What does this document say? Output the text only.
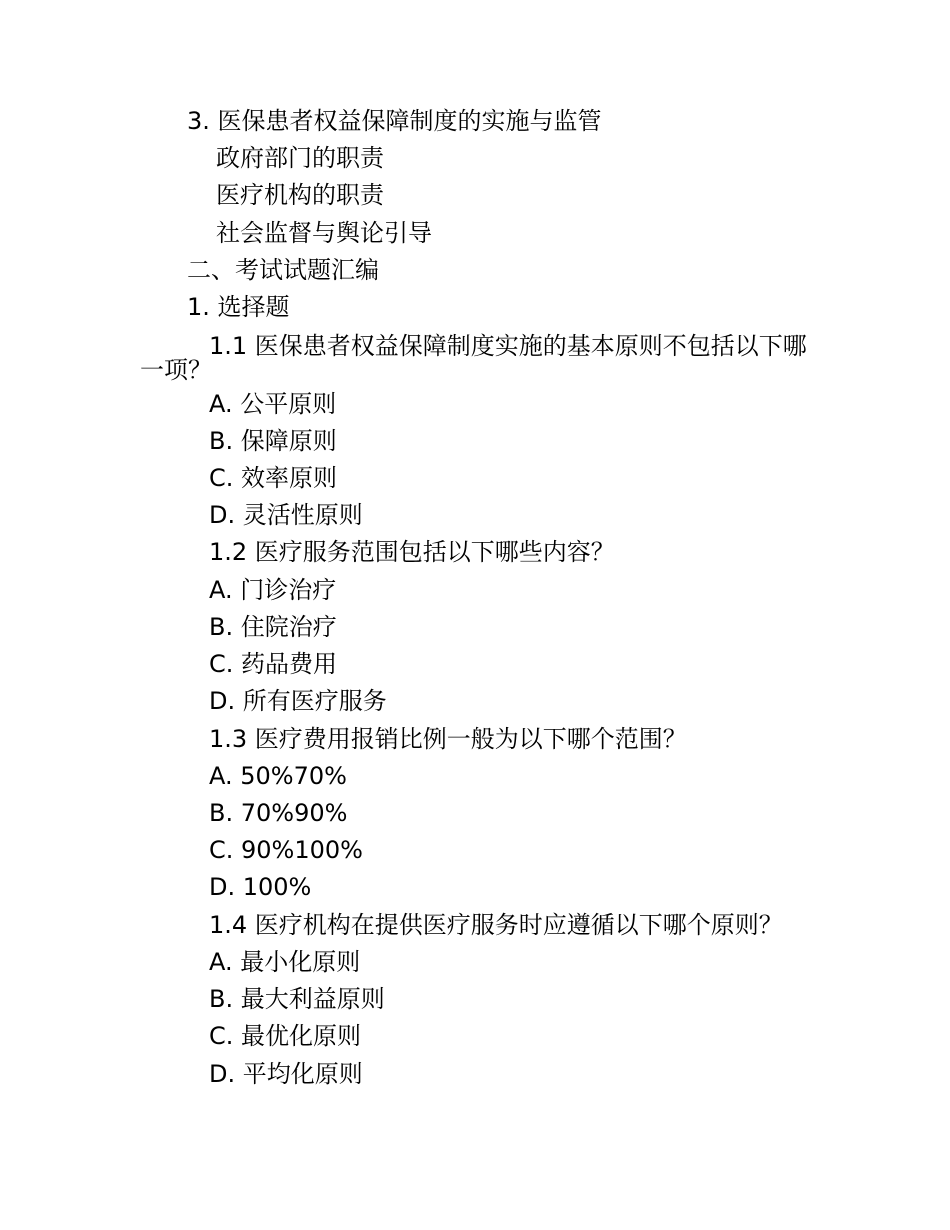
3. 医保患者权益保障制度的实施与监管
政府部门的职责
医疗机构的职责
社会监督与舆论引导
二、考试试题汇编
1. 选择题
1.1 医保患者权益保障制度实施的基本原则不包括以下哪一项？
A. 公平原则
B. 保障原则
C. 效率原则
D. 灵活性原则
1.2 医疗服务范围包括以下哪些内容？
A. 门诊治疗
B. 住院治疗
C. 药品费用
D. 所有医疗服务
1.3 医疗费用报销比例一般为以下哪个范围？
A. 50%70%
B. 70%90%
C. 90%100%
D. 100%
1.4 医疗机构在提供医疗服务时应遵循以下哪个原则？
A. 最小化原则
B. 最大利益原则
C. 最优化原则
D. 平均化原则
